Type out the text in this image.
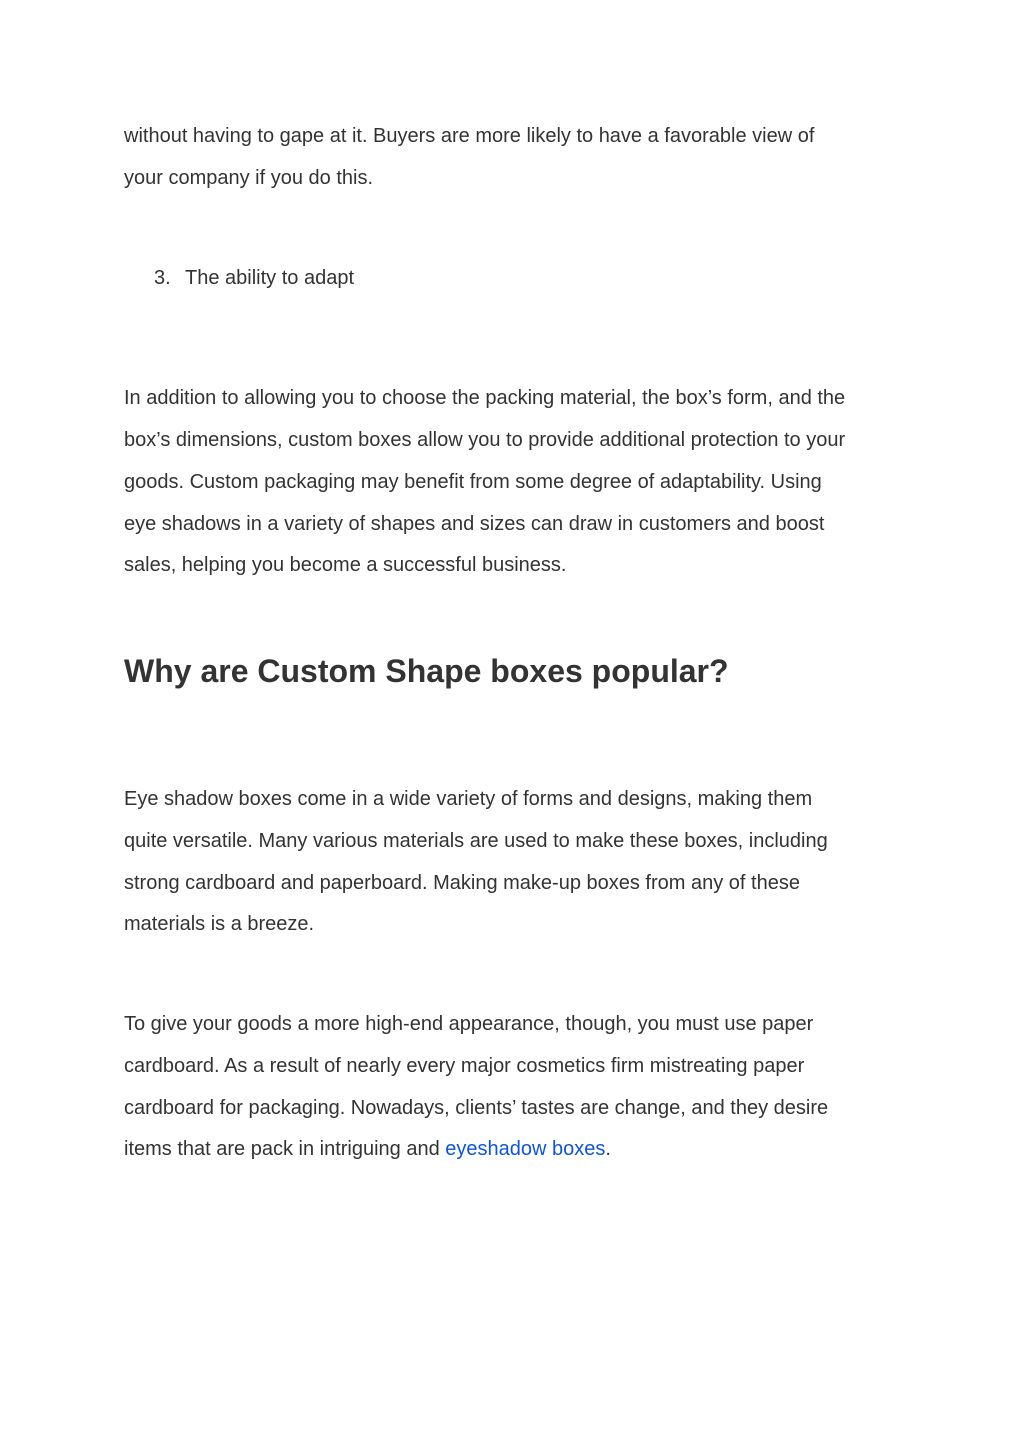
without having to gape at it. Buyers are more likely to have a favorable view of
your company if you do this.
3. The ability to adapt
In addition to allowing you to choose the packing material, the box’s form, and the
box’s dimensions, custom boxes allow you to provide additional protection to your
goods. Custom packaging may benefit from some degree of adaptability. Using
eye shadows in a variety of shapes and sizes can draw in customers and boost
sales, helping you become a successful business.
Why are Custom Shape boxes popular?
Eye shadow boxes come in a wide variety of forms and designs, making them
quite versatile. Many various materials are used to make these boxes, including
strong cardboard and paperboard. Making make-up boxes from any of these
materials is a breeze.
To give your goods a more high-end appearance, though, you must use paper
cardboard. As a result of nearly every major cosmetics firm mistreating paper
cardboard for packaging. Nowadays, clients’ tastes are change, and they desire
items that are pack in intriguing and eyeshadow boxes.
